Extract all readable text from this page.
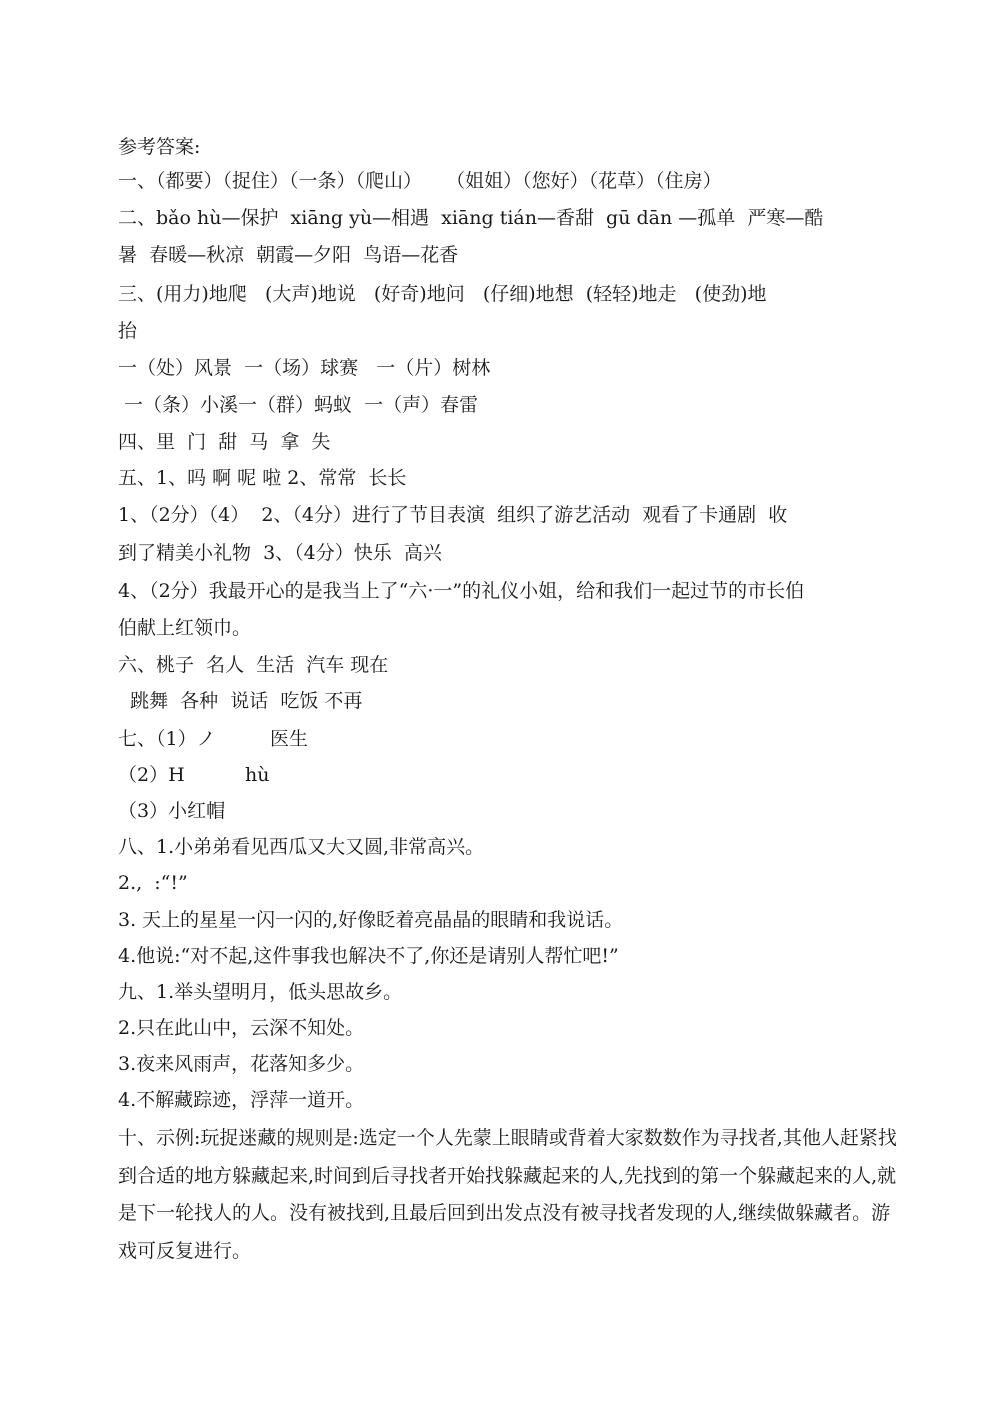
参考答案:
一、（都要）（捉住）（一条）（爬山）    （姐姐）（您好）（花草）（住房）
二、bǎo hù—保护  xiāng yù—相遇  xiāng tián—香甜  gū dān —孤单  严寒—酷
暑  春暖—秋凉  朝霞—夕阳  鸟语—花香
三、(用力)地爬   (大声)地说   (好奇)地问   (仔细)地想  (轻轻)地走   (使劲)地
抬
一（处）风景  一（场）球赛   一（片）树林
一（条）小溪一（群）蚂蚁  一（声）春雷
四、里  门  甜  马  拿  失
五、1、吗 啊 呢 啦 2、常常  长长
1、（2分）（4）  2、（4分）进行了节目表演  组织了游艺活动  观看了卡通剧  收
到了精美小礼物  3、（4分）快乐  高兴
4、（2分）我最开心的是我当上了“六·一”的礼仪小姐，给和我们一起过节的市长伯
伯献上红领巾。
六、桃子  名人  生活  汽车 现在
跳舞  各种  说话  吃饭 不再
七、（1）ノ         医生
（2）H          hù
（3）小红帽
八、1.小弟弟看见西瓜又大又圆,非常高兴。
2.,  :“!”
3. 天上的星星一闪一闪的,好像眨着亮晶晶的眼睛和我说话。
4.他说:“对不起,这件事我也解决不了,你还是请别人帮忙吧!”
九、1.举头望明月，低头思故乡。
2.只在此山中，云深不知处。
3.夜来风雨声，花落知多少。
4.不解藏踪迹，浮萍一道开。
十、示例:玩捉迷藏的规则是:选定一个人先蒙上眼睛或背着大家数数作为寻找者,其他人赶紧找到合适的地方躲藏起来,时间到后寻找者开始找躲藏起来的人,先找到的第一个躲藏起来的人,就是下一轮找人的人。没有被找到,且最后回到出发点没有被寻找者发现的人,继续做躲藏者。游戏可反复进行。
